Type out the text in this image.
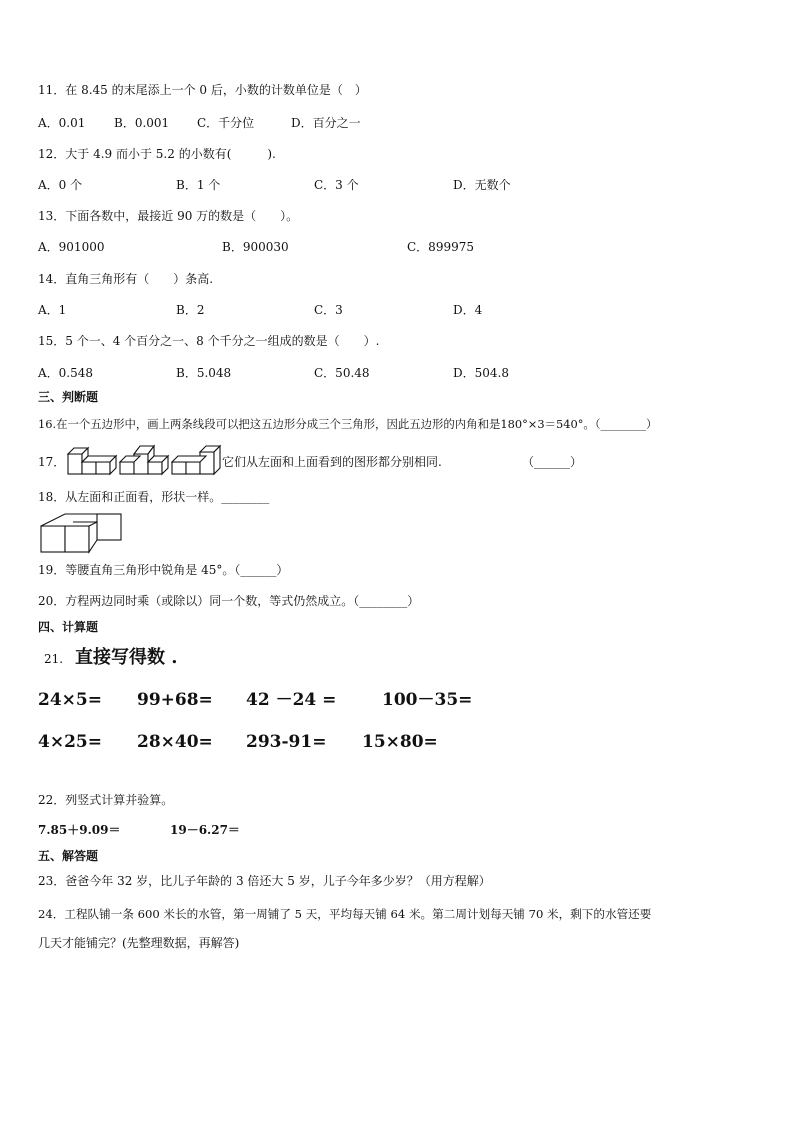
11．在 8.45 的末尾添上一个 0 后，小数的计数单位是（　）
A．0.01 B．0.001 C．千分位	D．百分之一
12．大于 4.9 而小于 5.2 的小数有(　　　).
A．0 个	B．1 个	C．3 个	D．无数个
13．下面各数中，最接近 90 万的数是（　　）。
A．901000	B．900030	C．899975
14．直角三角形有（　　）条高.
A．1	B．2	C．3	D．4
15．5 个一、4 个百分之一、8 个千分之一组成的数是（　　）.
A．0.548	B．5.048	C．50.48	D．504.8
三、判断题
16.在一个五边形中，画上两条线段可以把这五边形分成三个三角形，因此五边形的内角和是180°×3＝540°。（________）
17．	它们从左面和上面看到的图形都分别相同.	（______）
18．从左面和正面看，形状一样。________
19．等腰直角三角形中锐角是 45°。（______）
20．方程两边同时乘（或除以）同一个数，等式仍然成立。（________）
四、计算题
21. 直接写得数 .
24×5= 99+68= 42 －24 =	100－35=
4×25= 28×40= 293-91= 15×80=
22．列竖式计算并验算。
7.85＋9.09＝	19－6.27＝
五、解答题
23．爸爸今年 32 岁，比儿子年龄的 3 倍还大 5 岁，儿子今年多少岁？（用方程解）
24．工程队铺一条 600 米长的水管，第一周铺了 5 天，平均每天铺 64 米。第二周计划每天铺 70 米，剩下的水管还要
几天才能铺完？(先整理数据，再解答)
